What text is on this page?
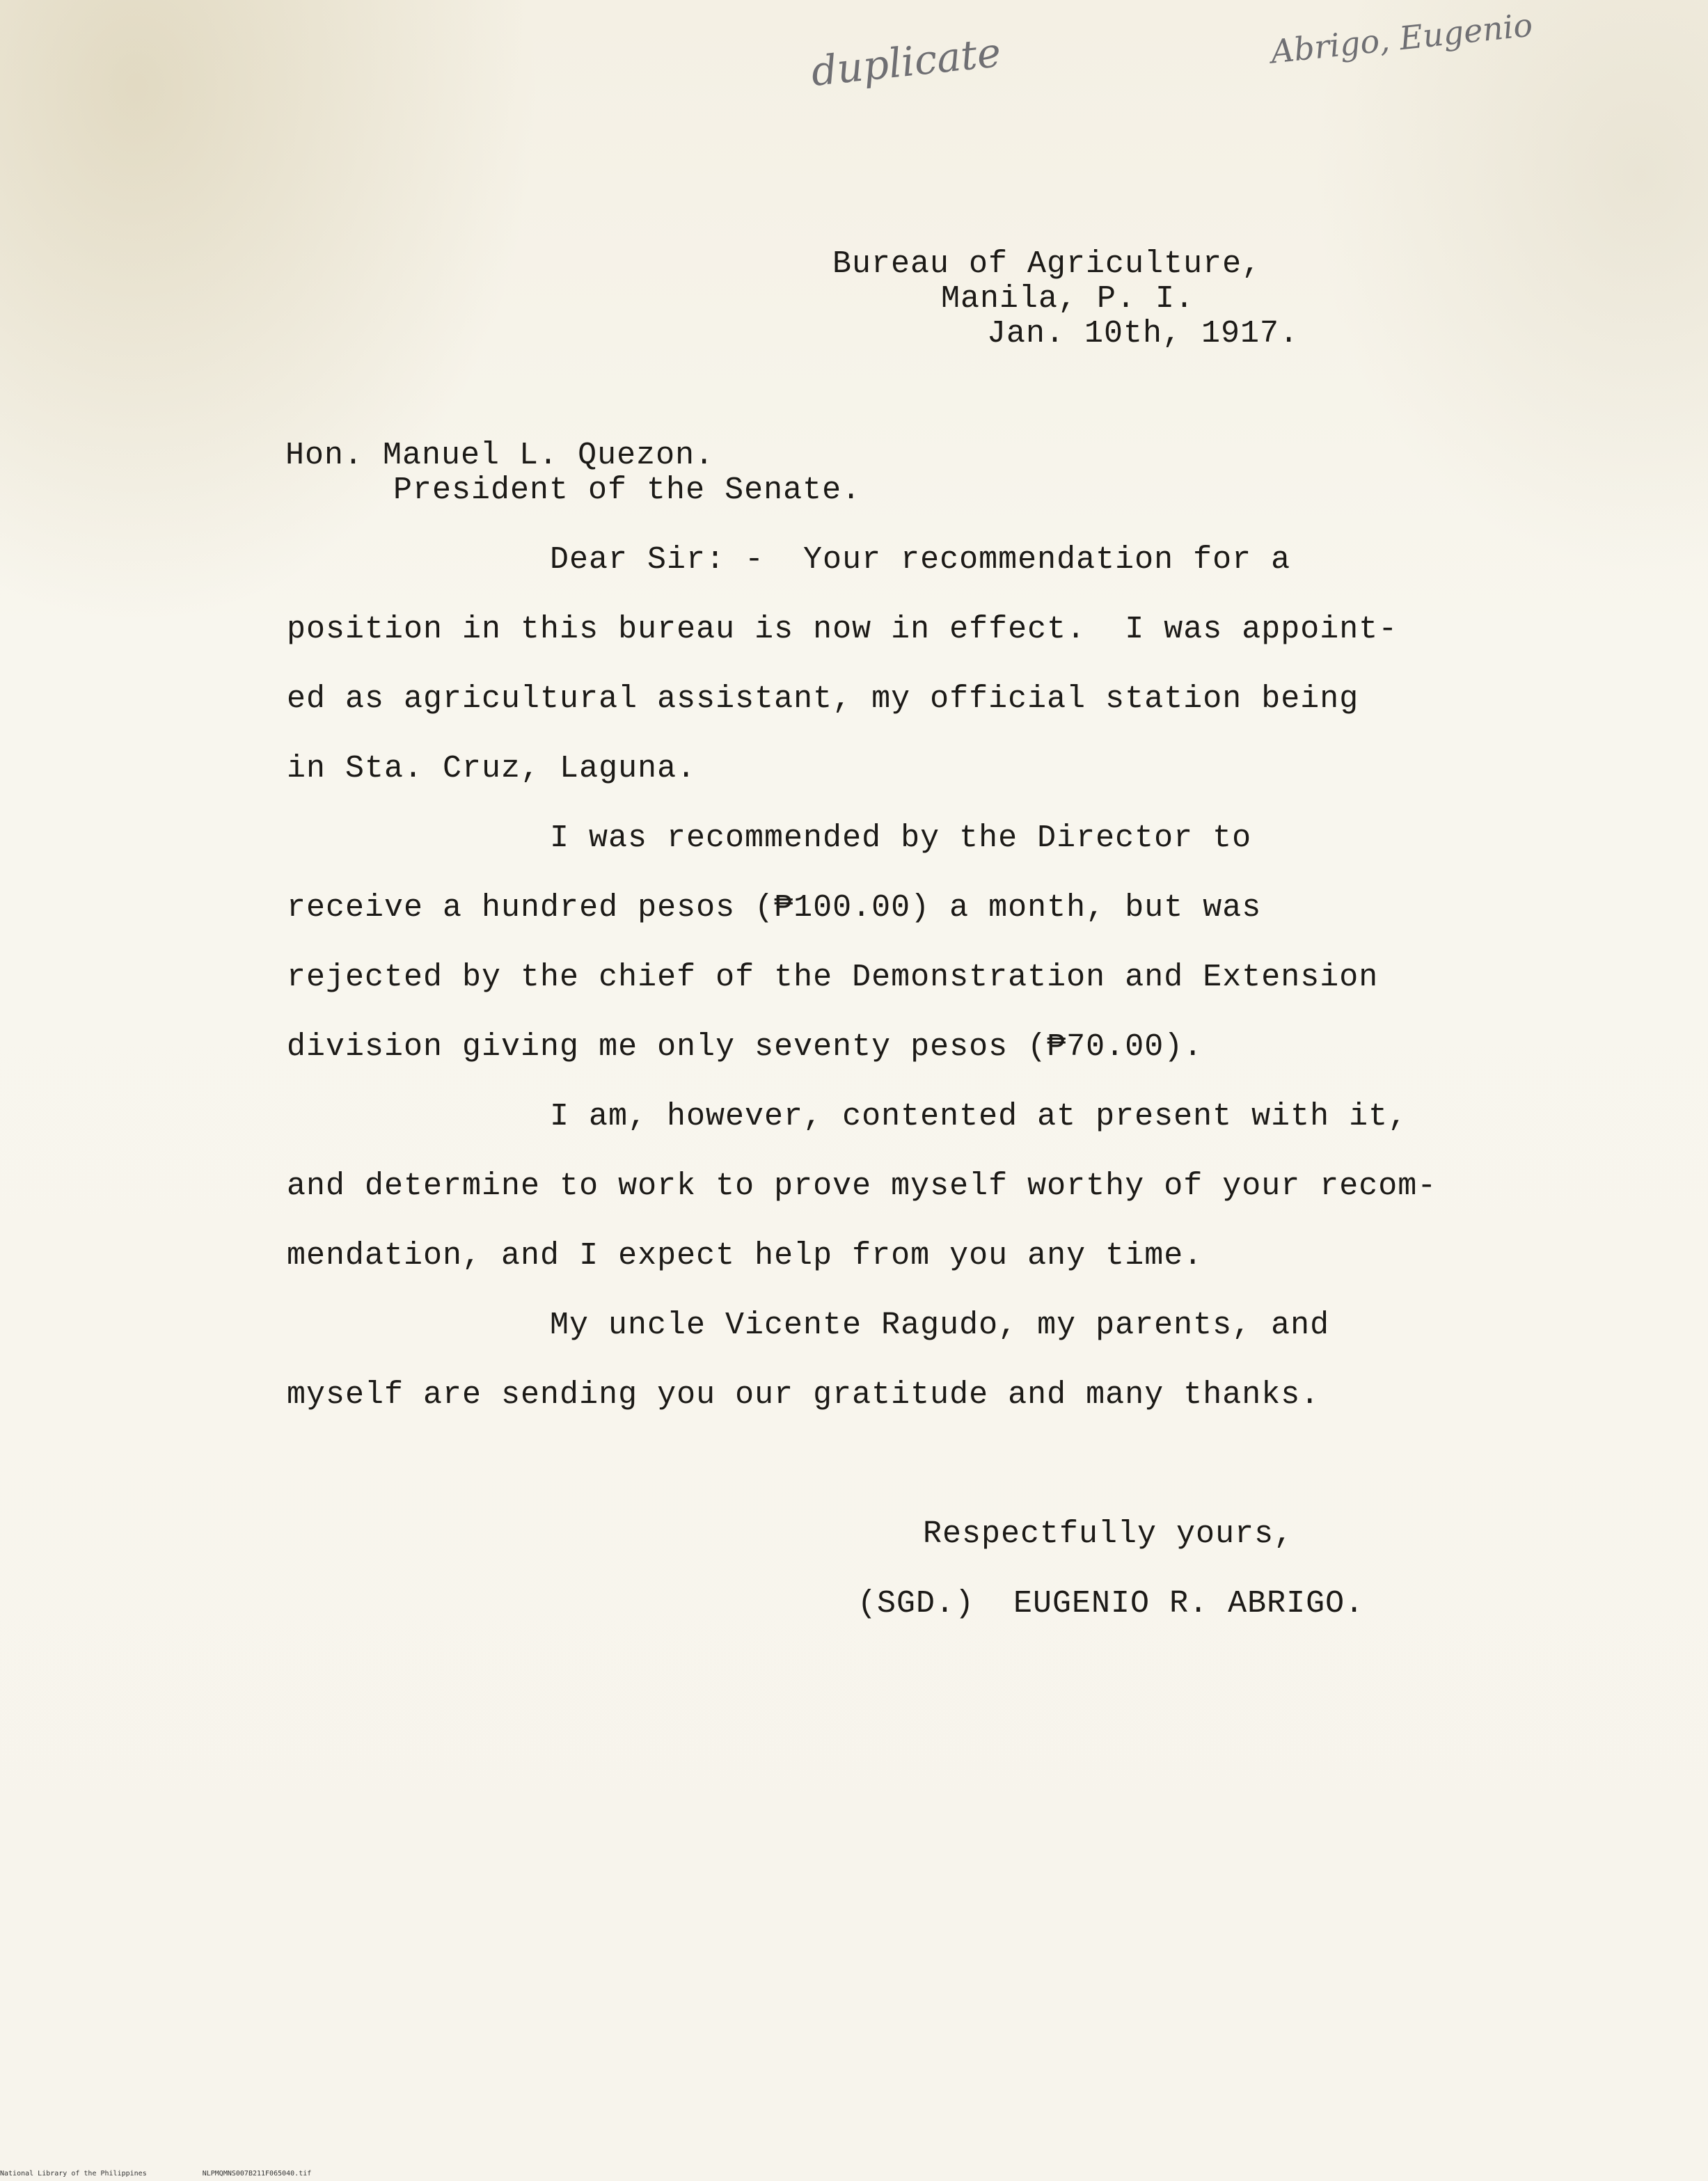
duplicate	Abrigo, Eugenio
Bureau of Agriculture,
Manila, P. I.
Jan. 10th, 1917.
Hon. Manuel L. Quezon.
President of the Senate.
Dear Sir: -  Your recommendation for a
position in this bureau is now in effect.  I was appoint-
ed as agricultural assistant, my official station being
in Sta. Cruz, Laguna.
I was recommended by the Director to
receive a hundred pesos (₱100.00) a month, but was
rejected by the chief of the Demonstration and Extension
division giving me only seventy pesos (₱70.00).
I am, however, contented at present with it,
and determine to work to prove myself worthy of your recom-
mendation, and I expect help from you any time.
My uncle Vicente Ragudo, my parents, and
myself are sending you our gratitude and many thanks.
Respectfully yours,
(SGD.)  EUGENIO R. ABRIGO.
National Library of the Philippines	NLPMQMNS007B211F065040.tif
